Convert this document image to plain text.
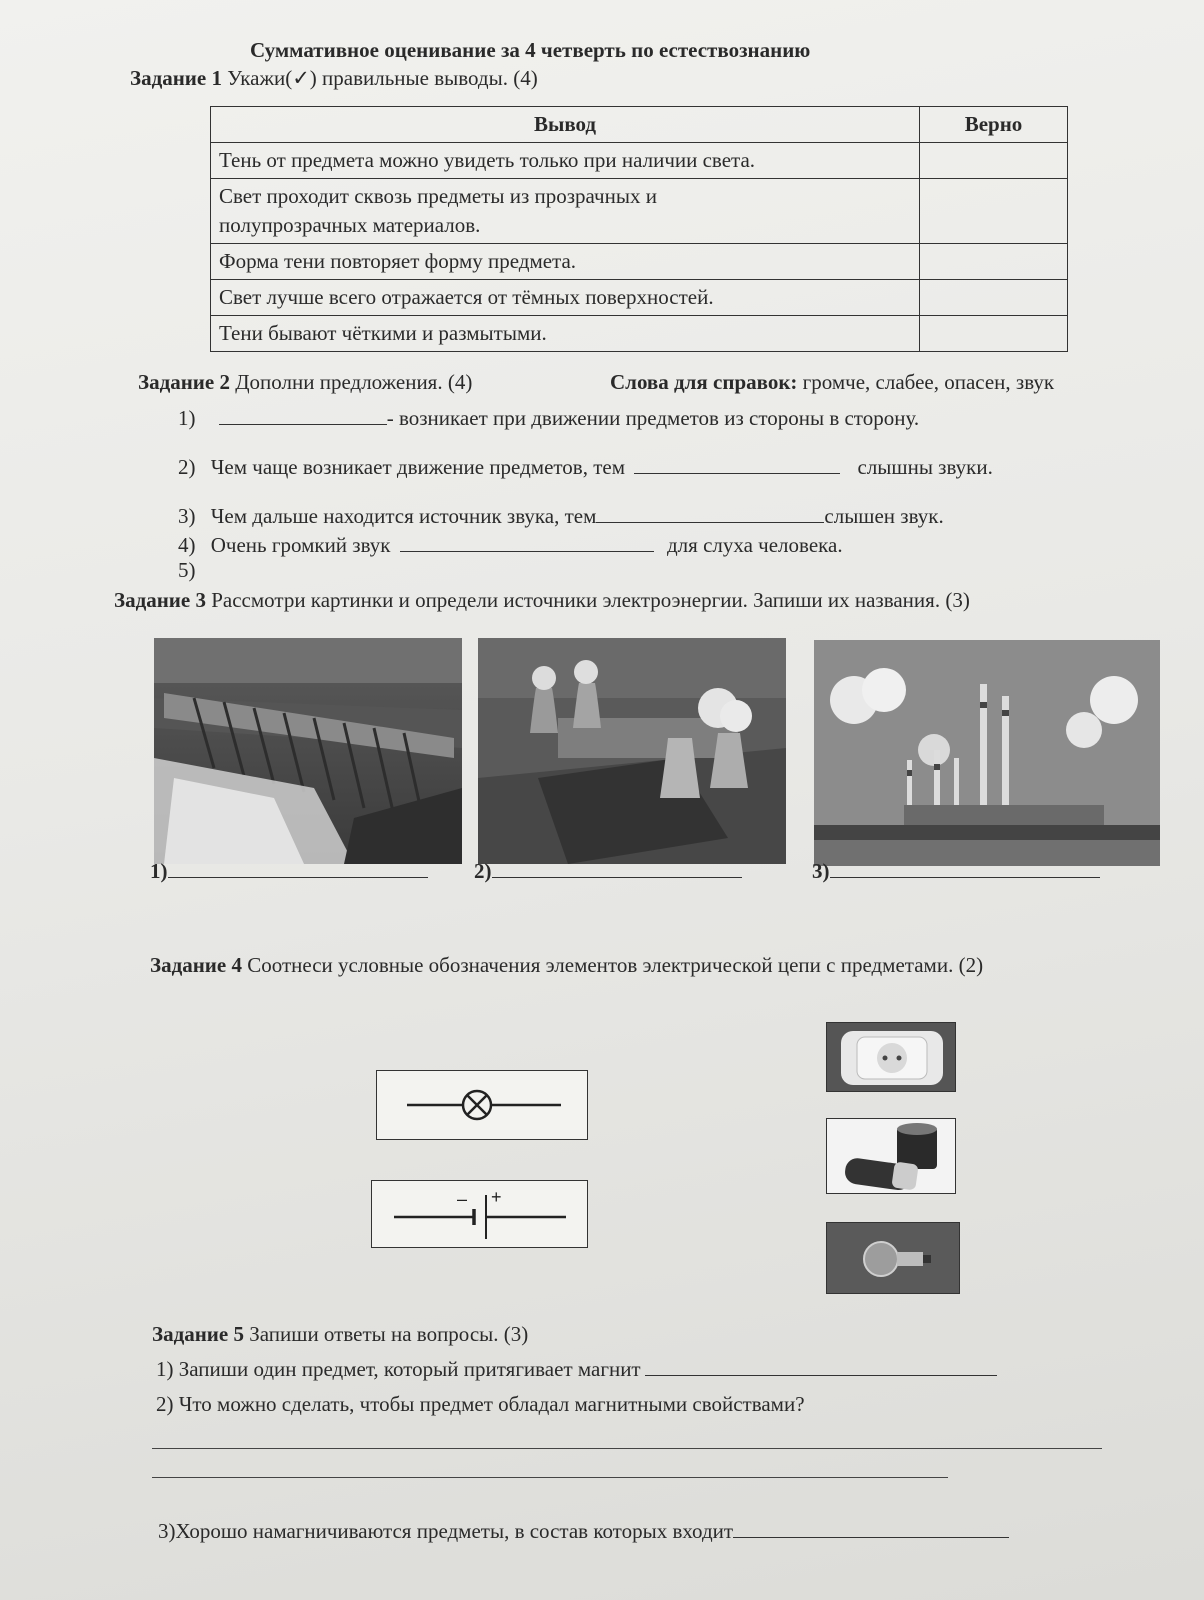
Суммативное оценивание за 4 четверть по естествознанию
Задание 1 Укажи(✓) правильные выводы. (4)
Вывод	Верно
Тень от предмета можно увидеть только при наличии света.	
Свет проходит сквозь предметы из прозрачных и полупрозрачных материалов.	
Форма тени повторяет форму предмета.	
Свет лучше всего отражается от тёмных поверхностей.	
Тени бывают чёткими и размытыми.	
Задание 2 Дополни предложения. (4)	Слова для справок: громче, слабее, опасен, звук
1)	- возникает при движении предметов из стороны в сторону.
2) Чем чаще возникает движение предметов, тем	слышны звуки.
3) Чем дальше находится источник звука, тем	слышен звук.
4) Очень громкий звук	для слуха человека.
5)
Задание 3 Рассмотри картинки и определи источники электроэнергии. Запиши их названия. (3)
1)	2)	3)
Задание 4 Соотнеси условные обозначения элементов электрической цепи с предметами. (2)
– +
Задание 5 Запиши ответы на вопросы. (3)
1) Запиши один предмет, который притягивает магнит
2) Что можно сделать, чтобы предмет обладал магнитными свойствами?
3)Хорошо намагничиваются предметы, в состав которых входит
